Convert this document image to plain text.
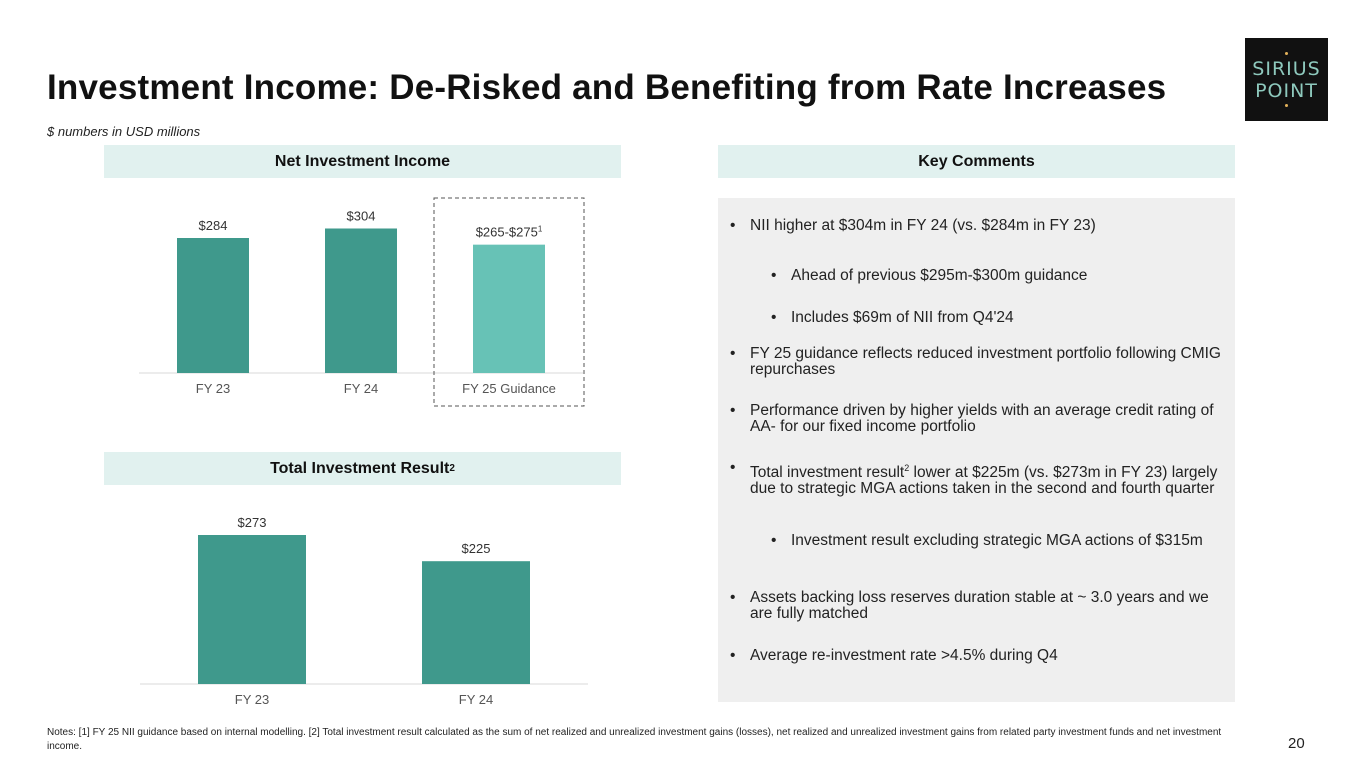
Investment Income: De-Risked and Benefiting from Rate Increases
$ numbers in USD millions
SIRIUS
POINT
Net Investment Income
$284
FY 23
$304
FY 24
$\$265-\$275^1$
FY 25 Guidance
Total Investment Result 2
$273
FY 23
$225
FY 24
Key Comments
• NII higher at $304m in FY 24 (vs. $284m in FY 23)
• Ahead of previous $295m-$300m guidance
• Includes $69m of NII from Q4'24
• FY 25 guidance reflects reduced investment portfolio following CMIG repurchases
• Performance driven by higher yields with an average credit rating of AA- for our fixed income portfolio
• Total investment result$^2$ lower at $225m (vs. $273m in FY 23) largely due to strategic MGA actions taken in the second and fourth quarter
• Investment result excluding strategic MGA actions of $315m
• Assets backing loss reserves duration stable at ~ 3.0 years and we are fully matched
• Average re-investment rate >4.5% during Q4
Notes: [1] FY 25 NII guidance based on internal modelling. [2] Total investment result calculated as the sum of net realized and unrealized investment gains (losses), net realized and unrealized investment gains from related party investment funds and net investment income.	20
